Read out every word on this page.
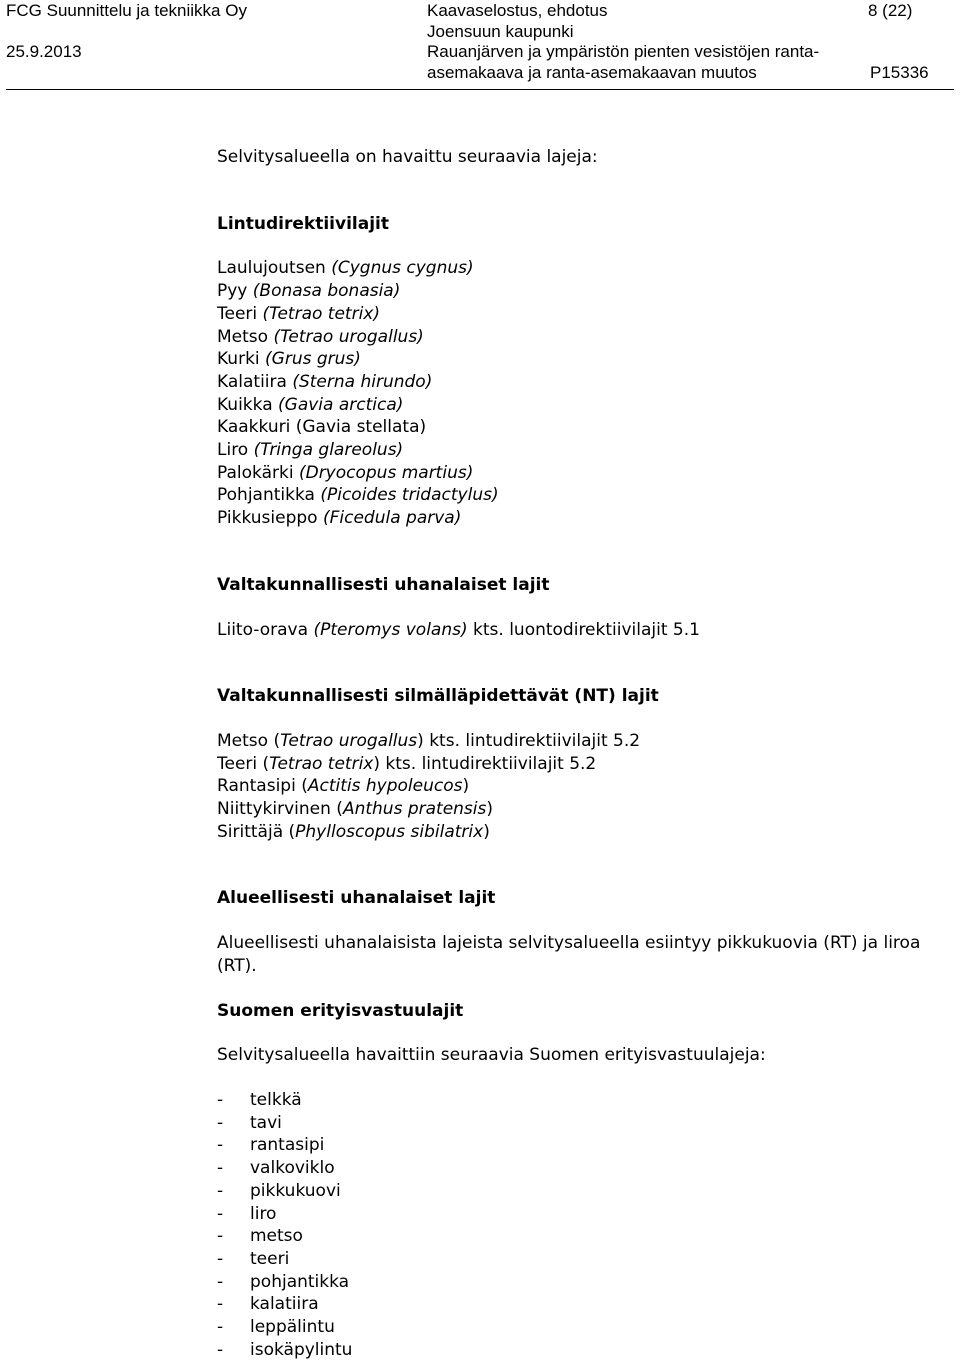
FCG Suunnittelu ja tekniikka Oy
25.9.2013
Kaavaselostus, ehdotus
Joensuun kaupunki
Rauanjärven ja ympäristön pienten vesistöjen ranta-
asemakaava ja ranta-asemakaavan muutos
8 (22)
P15336

Selvitysalueella on havaittu seuraavia lajeja:

Lintudirektiivilajit
Laulujoutsen (Cygnus cygnus)
Pyy (Bonasa bonasia)
Teeri (Tetrao tetrix)
Metso (Tetrao urogallus)
Kurki (Grus grus)
Kalatiira (Sterna hirundo)
Kuikka (Gavia arctica)
Kaakkuri (Gavia stellata)
Liro (Tringa glareolus)
Palokärki (Dryocopus martius)
Pohjantikka (Picoides tridactylus)
Pikkusieppo (Ficedula parva)
Valtakunnallisesti uhanalaiset lajit

Liito-orava (Pteromys volans) kts. luontodirektiivilajit 5.1

Valtakunnallisesti silmälläpidettävät (NT) lajit
Metso (Tetrao urogallus) kts. lintudirektiivilajit 5.2
Teeri (Tetrao tetrix) kts. lintudirektiivilajit 5.2
Rantasipi (Actitis hypoleucos)
Niittykirvinen (Anthus pratensis)
Sirittäjä (Phylloscopus sibilatrix)
Alueellisesti uhanalaiset lajit

Alueellisesti uhanalaisista lajeista selvitysalueella esiintyy pikkukuovia (RT) ja liroa (RT).

Suomen erityisvastuulajit

Selvitysalueella havaittiin seuraavia Suomen erityisvastuulajeja:

- telkkä
- tavi
- rantasipi
- valkoviklo
- pikkukuovi
- liro
- metso
- teeri
- pohjantikka
- kalatiira
- leppälintu
- isokäpylintu
